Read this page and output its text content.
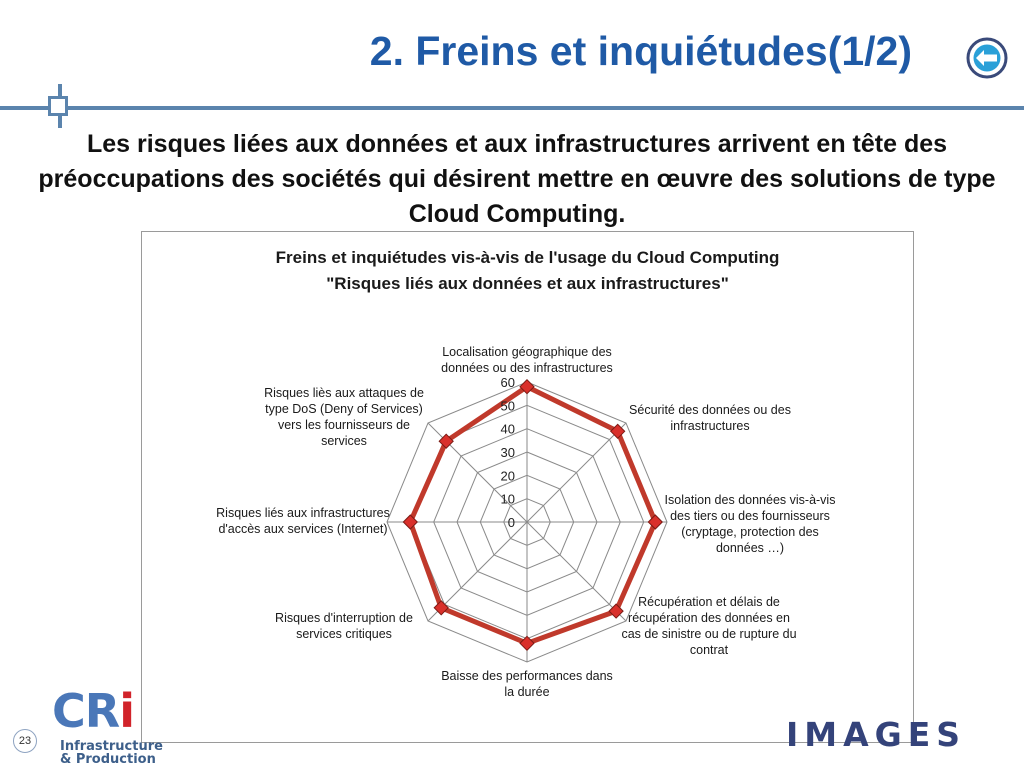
2. Freins et inquiétudes(1/2)

Les risques liées aux données et aux infrastructures arrivent en tête des préoccupations des sociétés qui désirent mettre en œuvre des solutions de type Cloud Computing.

Freins et inquiétudes vis-à-vis de l'usage du Cloud Computing
"Risques liés aux données et aux infrastructures"
0
10
20
30
40
50
60
Localisation géographique des données ou des infrastructures
Sécurité des données ou des infrastructures
Isolation des données vis-à-vis des tiers ou des fournisseurs (cryptage, protection des données …)
Récupération et délais de récupération des données en cas de sinistre ou de rupture du contrat
Baisse des performances dans la durée
Risques d'interruption de services critiques
Risques liés aux infrastructures d'accès aux services (Internet)
Risques liès aux attaques de type DoS (Deny of Services) vers les fournisseurs de services
CRi
Infrastructure
& Production
23	IMAGES
